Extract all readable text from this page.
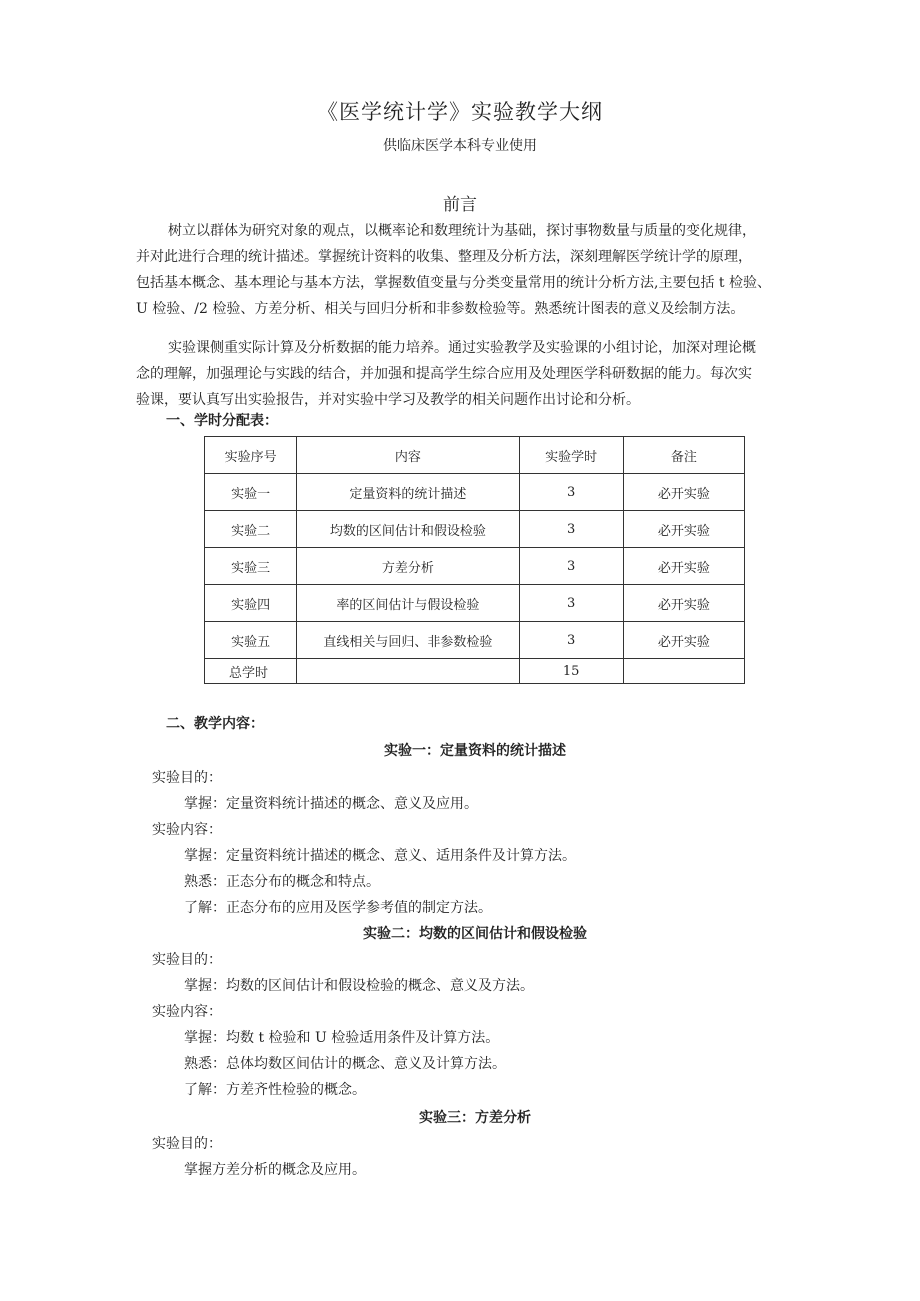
《医学统计学》实验教学大纲
供临床医学本科专业使用
前言
树立以群体为研究对象的观点，以概率论和数理统计为基础，探讨事物数量与质量的变化规律，
并对此进行合理的统计描述。掌握统计资料的收集、整理及分析方法，深刻理解医学统计学的原理，
包括基本概念、基本理论与基本方法，掌握数值变量与分类变量常用的统计分析方法,主要包括 t 检验、
U 检验、/2 检验、方差分析、相关与回归分析和非参数检验等。熟悉统计图表的意义及绘制方法。
实验课侧重实际计算及分析数据的能力培养。通过实验教学及实验课的小组讨论，加深对理论概
念的理解，加强理论与实践的结合，并加强和提高学生综合应用及处理医学科研数据的能力。每次实
验课，要认真写出实验报告，并对实验中学习及教学的相关问题作出讨论和分析。
一、学时分配表：
实验序号	内容	实验学时	备注
实验一	定量资料的统计描述	3	必开实验
实验二	均数的区间估计和假设检验	3	必开实验
实验三	方差分析	3	必开实验
实验四	率的区间估计与假设检验	3	必开实验
实验五	直线相关与回归、非参数检验	3	必开实验
总学时		15	
二、教学内容：
实验一：定量资料的统计描述
实验目的：
掌握：定量资料统计描述的概念、意义及应用。
实验内容：
掌握：定量资料统计描述的概念、意义、适用条件及计算方法。
熟悉：正态分布的概念和特点。
了解：正态分布的应用及医学参考值的制定方法。
实验二：均数的区间估计和假设检验
实验目的：
掌握：均数的区间估计和假设检验的概念、意义及方法。
实验内容：
掌握：均数 t 检验和 U 检验适用条件及计算方法。
熟悉：总体均数区间估计的概念、意义及计算方法。
了解：方差齐性检验的概念。
实验三：方差分析
实验目的：
掌握方差分析的概念及应用。
